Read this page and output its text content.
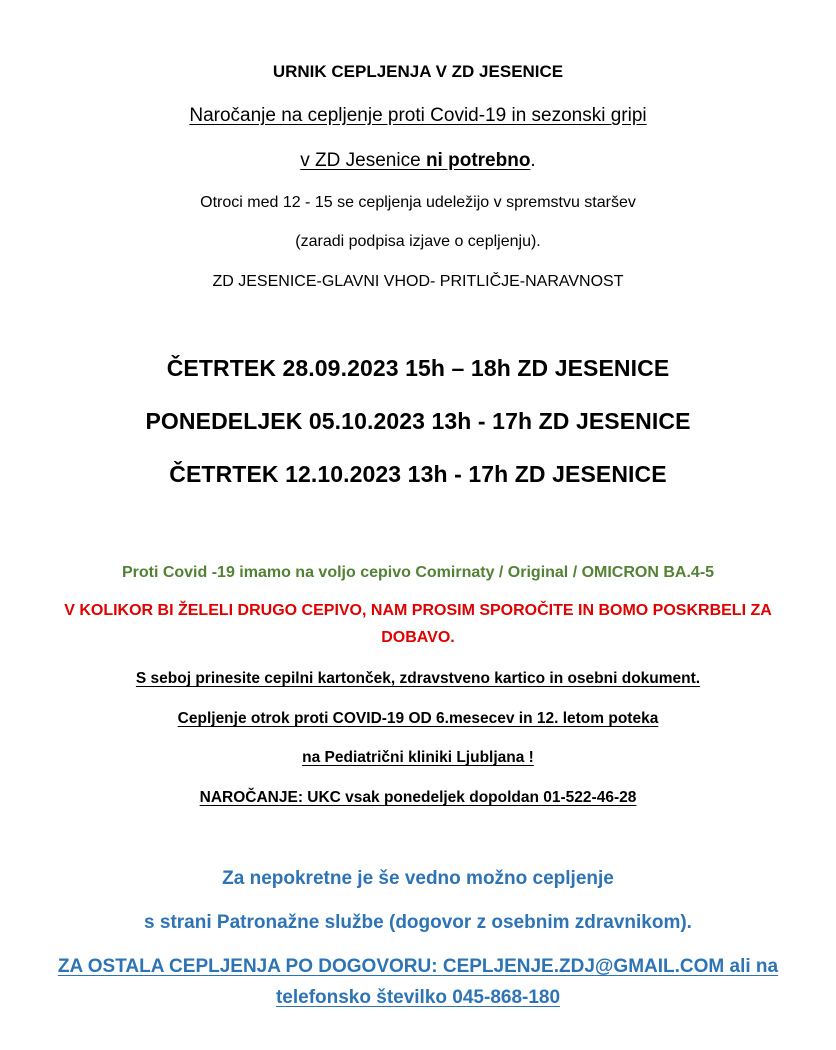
URNIK CEPLJENJA V ZD JESENICE
Naročanje na cepljenje proti Covid-19 in sezonski gripi
v ZD Jesenice ni potrebno.
Otroci med 12 - 15 se cepljenja udeležijo v spremstvu staršev
(zaradi podpisa izjave o cepljenju).
ZD JESENICE-GLAVNI VHOD- PRITLIČJE-NARAVNOST
ČETRTEK 28.09.2023 15h – 18h ZD JESENICE
PONEDELJEK 05.10.2023 13h - 17h ZD JESENICE
ČETRTEK 12.10.2023 13h - 17h ZD JESENICE
Proti Covid -19 imamo na voljo cepivo Comirnaty / Original / OMICRON BA.4-5
V KOLIKOR BI ŽELELI DRUGO CEPIVO, NAM PROSIM SPOROČITE IN BOMO POSKRBELI ZA
DOBAVO.
S seboj prinesite cepilni kartonček, zdravstveno kartico in osebni dokument.
Cepljenje otrok proti COVID-19 OD 6.mesecev in 12. letom poteka
na Pediatrični kliniki Ljubljana !
NAROČANJE: UKC vsak ponedeljek dopoldan 01-522-46-28
Za nepokretne je še vedno možno cepljenje
s strani Patronažne službe (dogovor z osebnim zdravnikom).
ZA OSTALA CEPLJENJA PO DOGOVORU: CEPLJENJE.ZDJ@GMAIL.COM ali na
telefonsko številko 045-868-180
